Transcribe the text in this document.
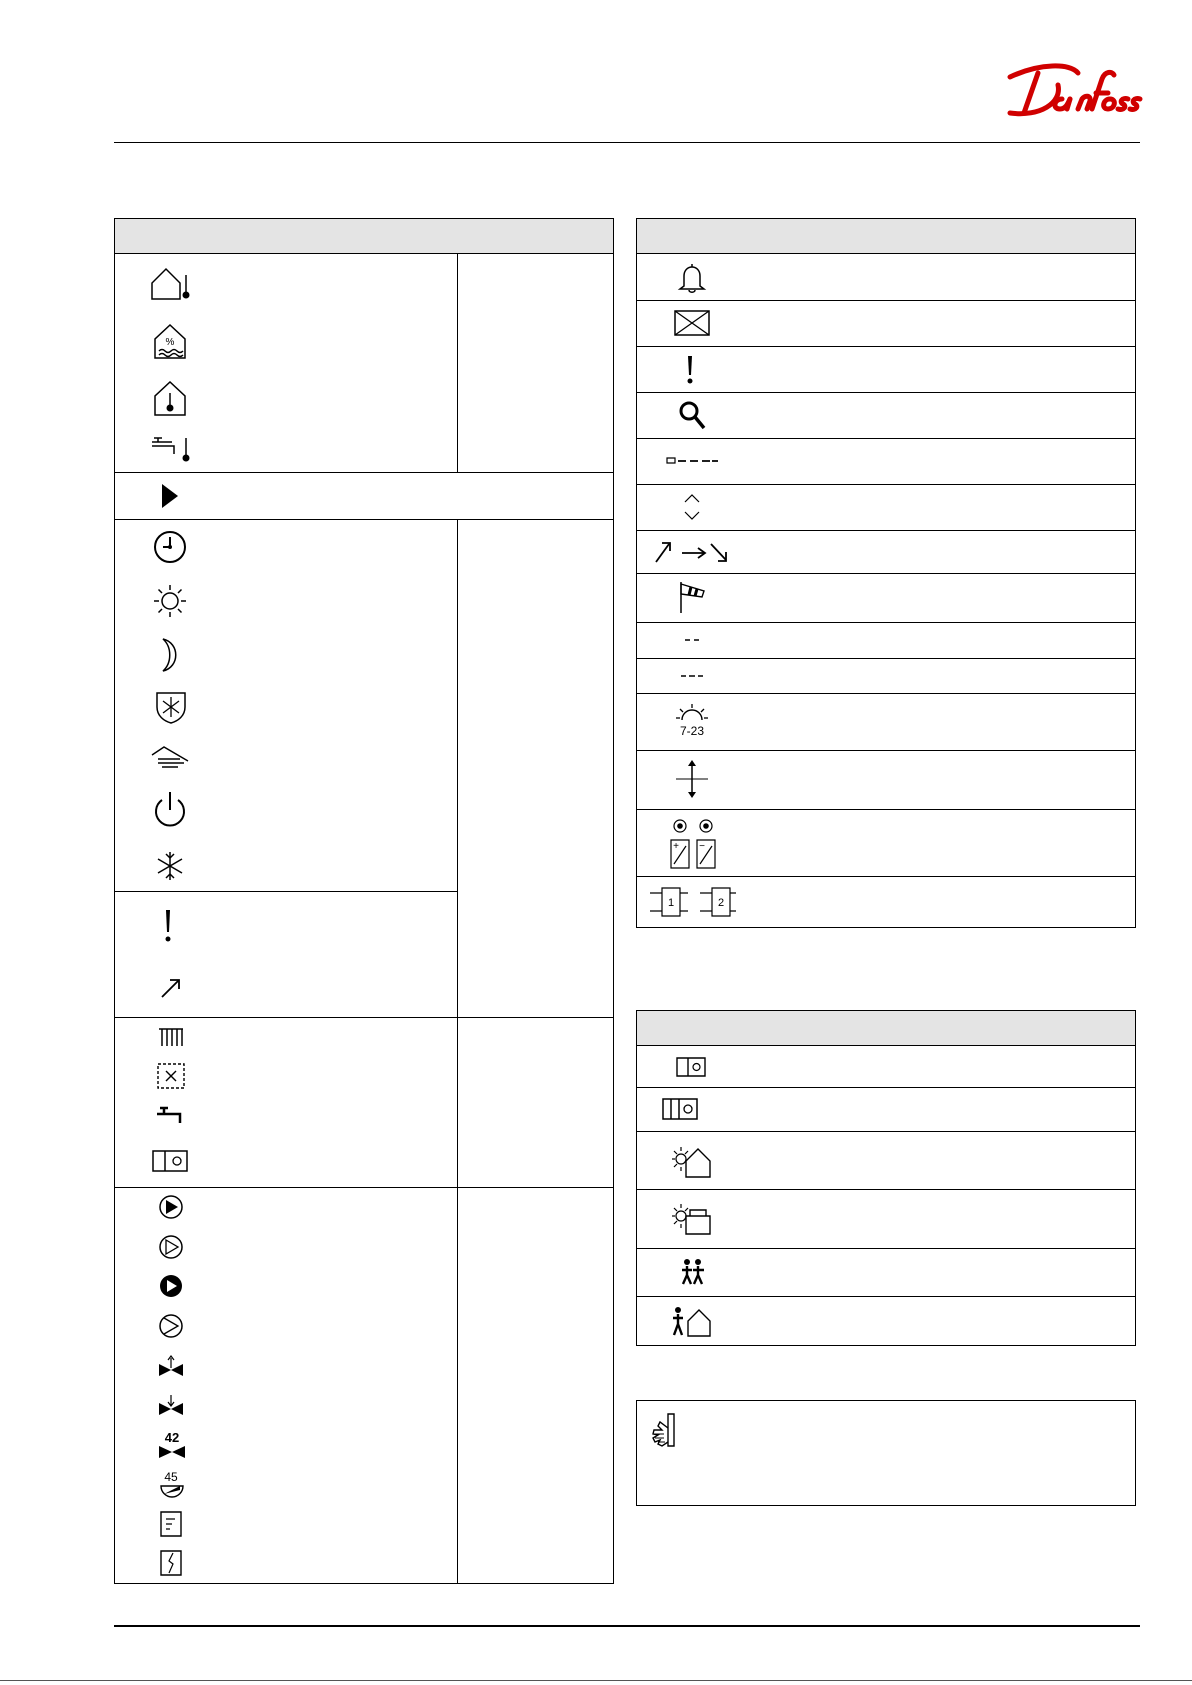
%
42
45
7-23
+ −
1	2
